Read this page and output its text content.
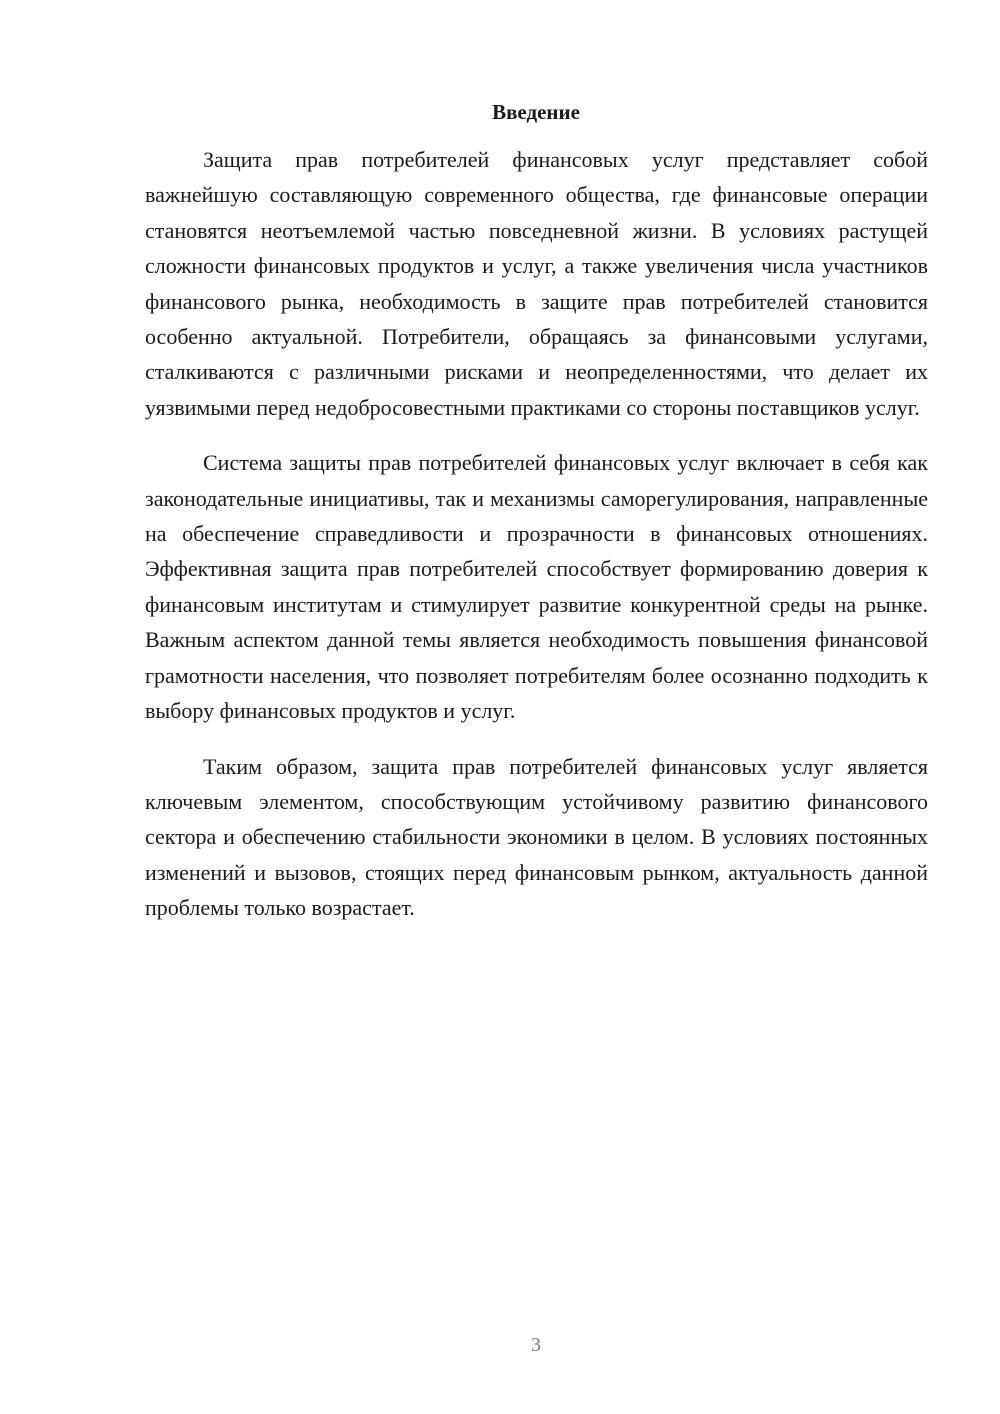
Введение

Защита прав потребителей финансовых услуг представляет собой важнейшую составляющую современного общества, где финансовые операции становятся неотъемлемой частью повседневной жизни. В условиях растущей сложности финансовых продуктов и услуг, а также увеличения числа участников финансового рынка, необходимость в защите прав потребителей становится особенно актуальной. Потребители, обращаясь за финансовыми услугами, сталкиваются с различными рисками и неопределенностями, что делает их уязвимыми перед недобросовестными практиками со стороны поставщиков услуг.

Система защиты прав потребителей финансовых услуг включает в себя как законодательные инициативы, так и механизмы саморегулирования, направленные на обеспечение справедливости и прозрачности в финансовых отношениях. Эффективная защита прав потребителей способствует формированию доверия к финансовым институтам и стимулирует развитие конкурентной среды на рынке. Важным аспектом данной темы является необходимость повышения финансовой грамотности населения, что позволяет потребителям более осознанно подходить к выбору финансовых продуктов и услуг.

Таким образом, защита прав потребителей финансовых услуг является ключевым элементом, способствующим устойчивому развитию финансового сектора и обеспечению стабильности экономики в целом. В условиях постоянных изменений и вызовов, стоящих перед финансовым рынком, актуальность данной проблемы только возрастает.

3
